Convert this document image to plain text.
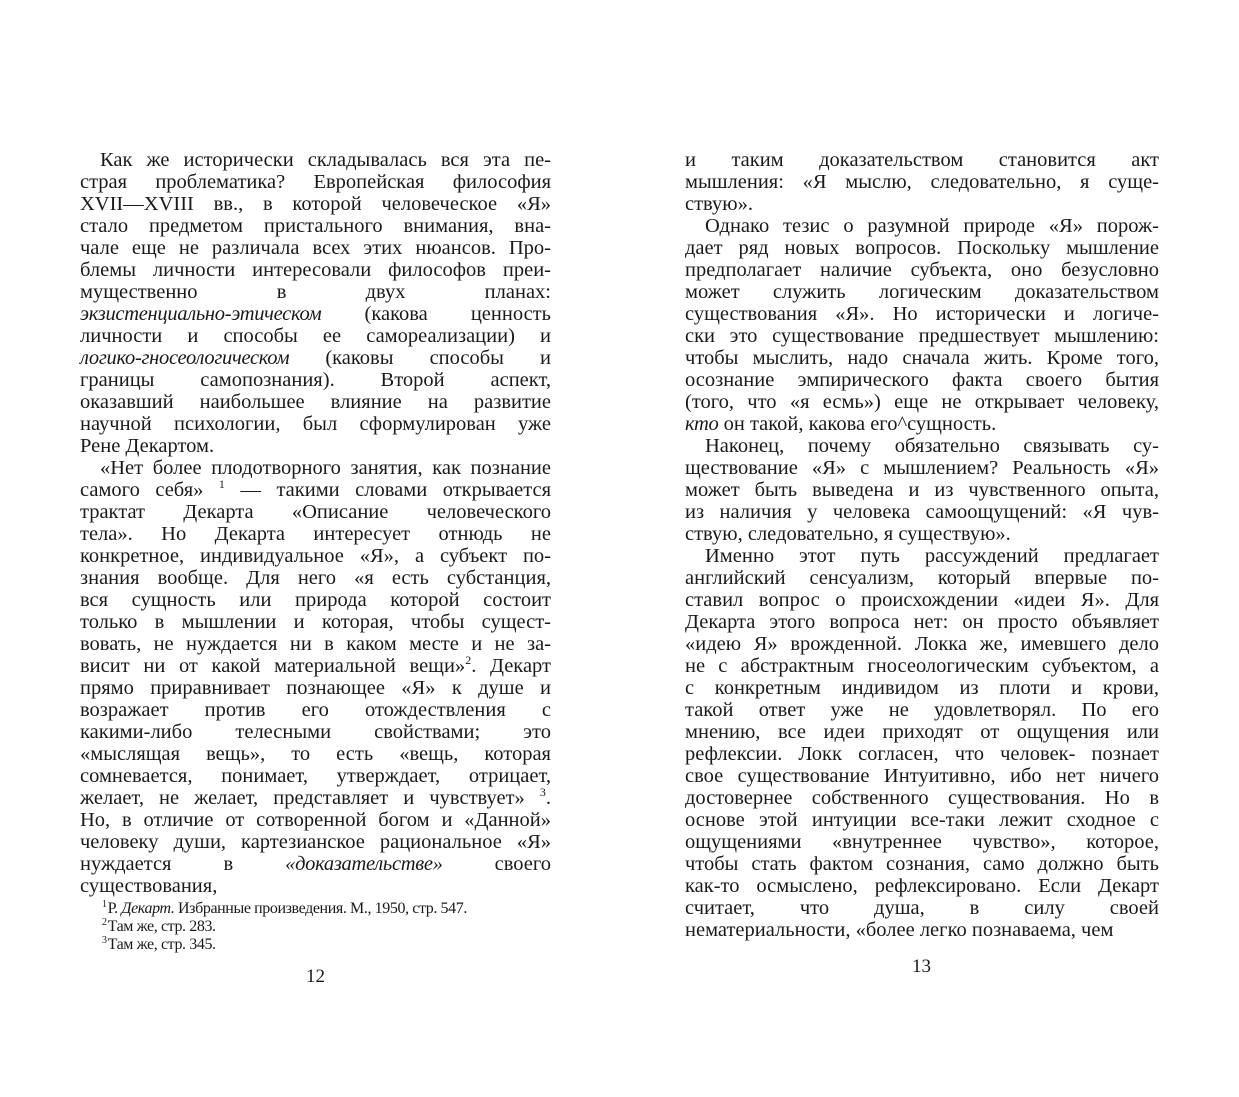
Как же исторически складывалась вся эта пе-
страя проблематика? Европейская философия
XVII—XVIII вв., в которой человеческое «Я»
стало предметом пристального внимания, вна-
чале еще не различала всех этих нюансов. Про-
блемы личности интересовали философов преи-
мущественно в двух планах:
экзистенциально-этическом (какова ценность
личности и способы ее самореализации) и
логико-гносеологическом (каковы способы и
границы самопознания). Второй аспект,
оказавший наибольшее влияние на развитие
научной психологии, был сформулирован уже
Рене Декартом.
«Нет более плодотворного занятия, как познание
самого себя» $^1$ — такими словами открывается
трактат Декарта «Описание человеческого
тела». Но Декарта интересует отнюдь не
конкретное, индивидуальное «Я», а субъект по-
знания вообще. Для него «я есть субстанция,
вся сущность или природа которой состоит
только в мышлении и которая, чтобы сущест-
вовать, не нуждается ни в каком месте и не за-
висит ни от какой материальной вещи»$^2$. Декарт
прямо приравнивает познающее «Я» к душе и
возражает против его отождествления с
какими-либо телесными свойствами; это
«мыслящая вещь», то есть «вещь, которая
сомневается, понимает, утверждает, отрицает,
желает, не желает, представляет и чувствует» $^3$.
Но, в отличие от сотворенной богом и «Данной»
человеку души, картезианское рациональное «Я»
нуждается в «доказательстве» своего
существования,
$^1$Р. Декарт. Избранные произведения. М., 1950, стр. 547.
$^2$Там же, стр. 283.
$^3$Там же, стр. 345.
12
и таким доказательством становится акт
мышления: «Я мыслю, следовательно, я суще-
ствую».
Однако тезис о разумной природе «Я» порож-
дает ряд новых вопросов. Поскольку мышление
предполагает наличие субъекта, оно безусловно
может служить логическим доказательством
существования «Я». Но исторически и логиче-
ски это существование предшествует мышлению:
чтобы мыслить, надо сначала жить. Кроме того,
осознание эмпирического факта своего бытия
(того, что «я есмь») еще не открывает человеку,
кто он такой, какова его^сущность.
Наконец, почему обязательно связывать су-
ществование «Я» с мышлением? Реальность «Я»
может быть выведена и из чувственного опыта,
из наличия у человека самоощущений: «Я чув-
ствую, следовательно, я существую».
Именно этот путь рассуждений предлагает
английский сенсуализм, который впервые по-
ставил вопрос о происхождении «идеи Я». Для
Декарта этого вопроса нет: он просто объявляет
«идею Я» врожденной. Локка же, имевшего дело
не с абстрактным гносеологическим субъектом, а
с конкретным индивидом из плоти и крови,
такой ответ уже не удовлетворял. По его
мнению, все идеи приходят от ощущения или
рефлексии. Локк согласен, что человек- познает
свое существование Интуитивно, ибо нет ничего
достовернее собственного существования. Но в
основе этой интуиции все-таки лежит сходное с
ощущениями «внутреннее чувство», которое,
чтобы стать фактом сознания, само должно быть
как-то осмыслено, рефлексировано. Если Декарт
считает, что душа, в силу своей
нематериальности, «более легко познаваема, чем
13
